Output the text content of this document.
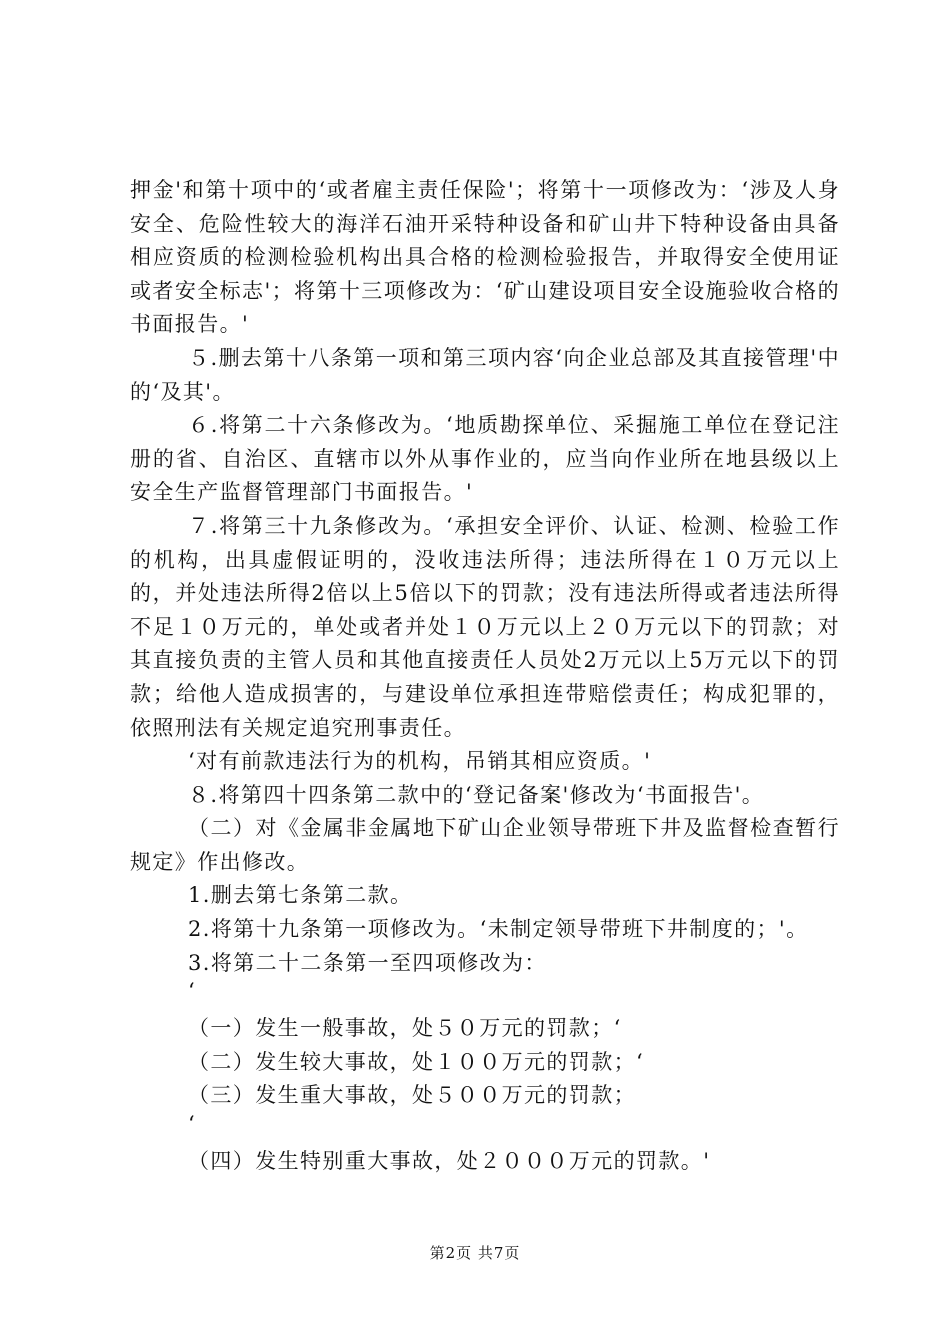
押金'和第十项中的‘或者雇主责任保险'；将第十一项修改为：‘涉及人身安全、危险性较大的海洋石油开采特种设备和矿山井下特种设备由具备相应资质的检测检验机构出具合格的检测检验报告，并取得安全使用证或者安全标志'；将第十三项修改为：‘矿山建设项目安全设施验收合格的书面报告。'

５.删去第十八条第一项和第三项内容‘向企业总部及其直接管理'中的‘及其'。

６.将第二十六条修改为。‘地质勘探单位、采掘施工单位在登记注册的省、自治区、直辖市以外从事作业的，应当向作业所在地县级以上安全生产监督管理部门书面报告。'

７.将第三十九条修改为。‘承担安全评价、认证、检测、检验工作的机构，出具虚假证明的，没收违法所得；违法所得在１０万元以上的，并处违法所得2倍以上5倍以下的罚款；没有违法所得或者违法所得不足１０万元的，单处或者并处１０万元以上２０万元以下的罚款；对其直接负责的主管人员和其他直接责任人员处2万元以上5万元以下的罚款；给他人造成损害的，与建设单位承担连带赔偿责任；构成犯罪的，依照刑法有关规定追究刑事责任。

‘对有前款违法行为的机构，吊销其相应资质。'

８.将第四十四条第二款中的‘登记备案'修改为‘书面报告'。

（二）对《金属非金属地下矿山企业领导带班下井及监督检查暂行规定》作出修改。

1.删去第七条第二款。

2.将第十九条第一项修改为。‘未制定领导带班下井制度的；'。

3.将第二十二条第一至四项修改为：

‘

（一）发生一般事故，处５０万元的罚款；‘

（二）发生较大事故，处１００万元的罚款；‘

（三）发生重大事故，处５００万元的罚款；

‘

（四）发生特别重大事故，处２０００万元的罚款。'

第2页 共7页
